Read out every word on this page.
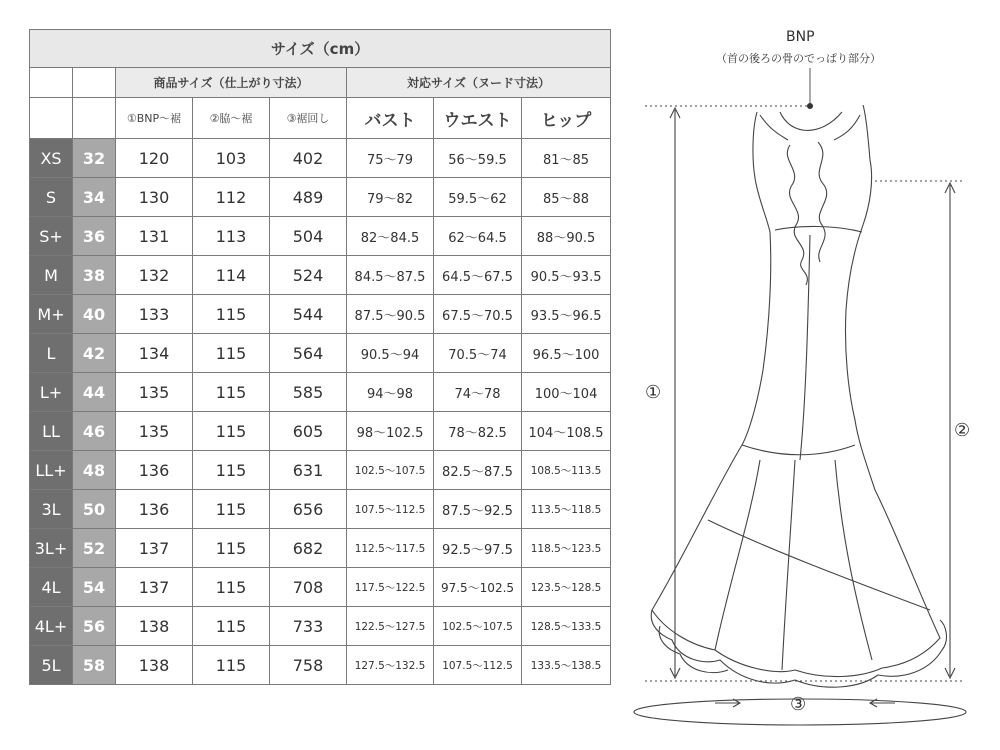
サイズ（cm）							
		商品サイズ（仕上がり寸法）			対応サイズ（ヌード寸法）		
		①BNP～裾	②脇～裾	③裾回し	バスト	ウエスト	ヒップ
XS	32	120	103	402	75～79	56～59.5	81～85
S	34	130	112	489	79～82	59.5～62	85～88
S+	36	131	113	504	82～84.5	62～64.5	88～90.5
M	38	132	114	524	84.5～87.5	64.5～67.5	90.5～93.5
M+	40	133	115	544	87.5～90.5	67.5～70.5	93.5～96.5
L	42	134	115	564	90.5～94	70.5～74	96.5～100
L+	44	135	115	585	94～98	74～78	100～104
LL	46	135	115	605	98～102.5	78～82.5	104～108.5
LL+	48	136	115	631	102.5～107.5	82.5～87.5	108.5～113.5
3L	50	136	115	656	107.5～112.5	87.5～92.5	113.5～118.5
3L+	52	137	115	682	112.5～117.5	92.5～97.5	118.5～123.5
4L	54	137	115	708	117.5～122.5	97.5～102.5	123.5～128.5
4L+	56	138	115	733	122.5～127.5	102.5～107.5	128.5～133.5
5L	58	138	115	758	127.5～132.5	107.5～112.5	133.5～138.5
BNP
（首の後ろの骨のでっぱり部分）
①
②
③
